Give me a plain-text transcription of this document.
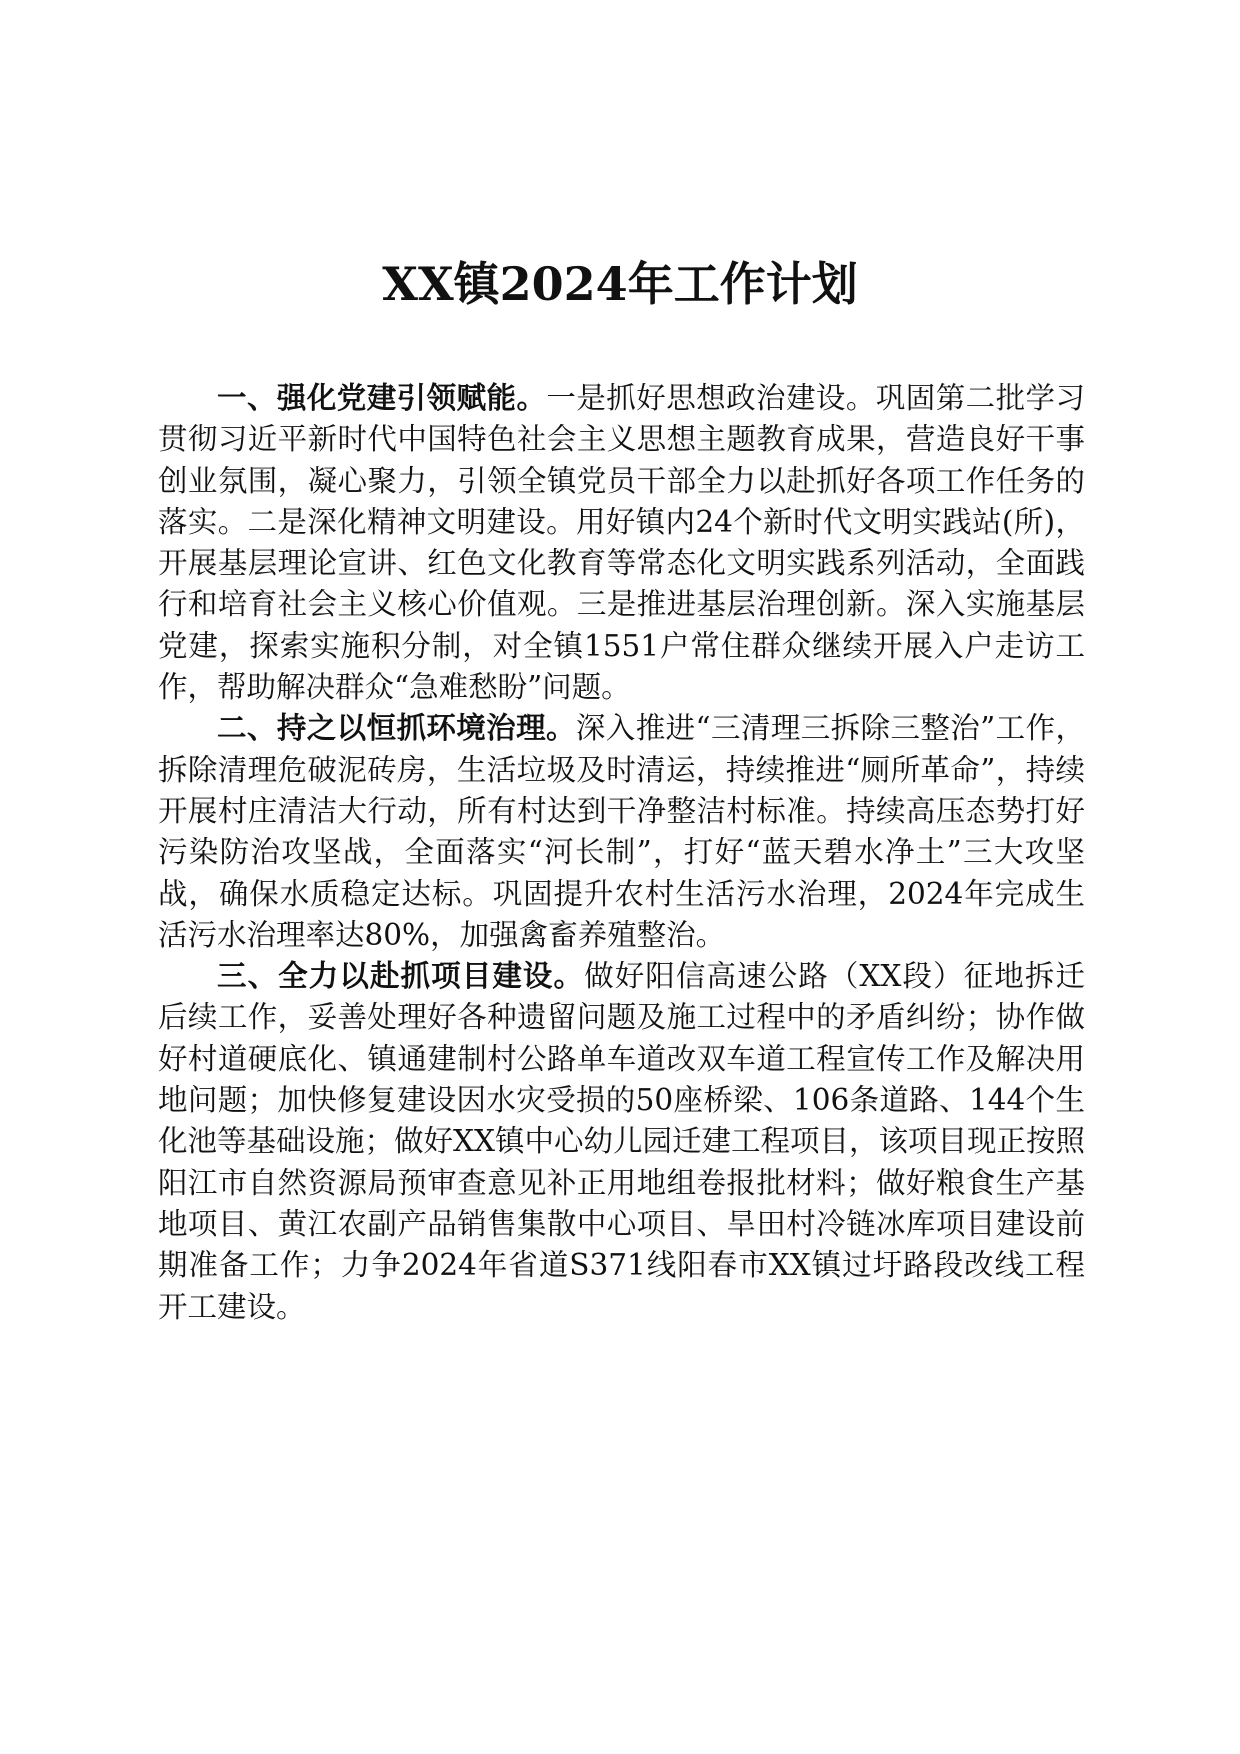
XX镇2024年工作计划

一、强化党建引领赋能。一是抓好思想政治建设。巩固第二批学习贯彻习近平新时代中国特色社会主义思想主题教育成果，营造良好干事创业氛围，凝心聚力，引领全镇党员干部全力以赴抓好各项工作任务的落实。二是深化精神文明建设。用好镇内24个新时代文明实践站(所)，开展基层理论宣讲、红色文化教育等常态化文明实践系列活动，全面践行和培育社会主义核心价值观。三是推进基层治理创新。深入实施基层党建，探索实施积分制，对全镇1551户常住群众继续开展入户走访工作，帮助解决群众“急难愁盼”问题。

二、持之以恒抓环境治理。深入推进“三清理三拆除三整治”工作，拆除清理危破泥砖房，生活垃圾及时清运，持续推进“厕所革命”，持续开展村庄清洁大行动，所有村达到干净整洁村标准。持续高压态势打好污染防治攻坚战，全面落实“河长制”，打好“蓝天碧水净土”三大攻坚战，确保水质稳定达标。巩固提升农村生活污水治理，2024年完成生活污水治理率达80%，加强禽畜养殖整治。

三、全力以赴抓项目建设。做好阳信高速公路（XX段）征地拆迁后续工作，妥善处理好各种遗留问题及施工过程中的矛盾纠纷；协作做好村道硬底化、镇通建制村公路单车道改双车道工程宣传工作及解决用地问题；加快修复建设因水灾受损的50座桥梁、106条道路、144个生化池等基础设施；做好XX镇中心幼儿园迁建工程项目，该项目现正按照阳江市自然资源局预审查意见补正用地组卷报批材料；做好粮食生产基地项目、黄江农副产品销售集散中心项目、旱田村冷链冰库项目建设前期准备工作；力争2024年省道S371线阳春市XX镇过圩路段改线工程开工建设。
